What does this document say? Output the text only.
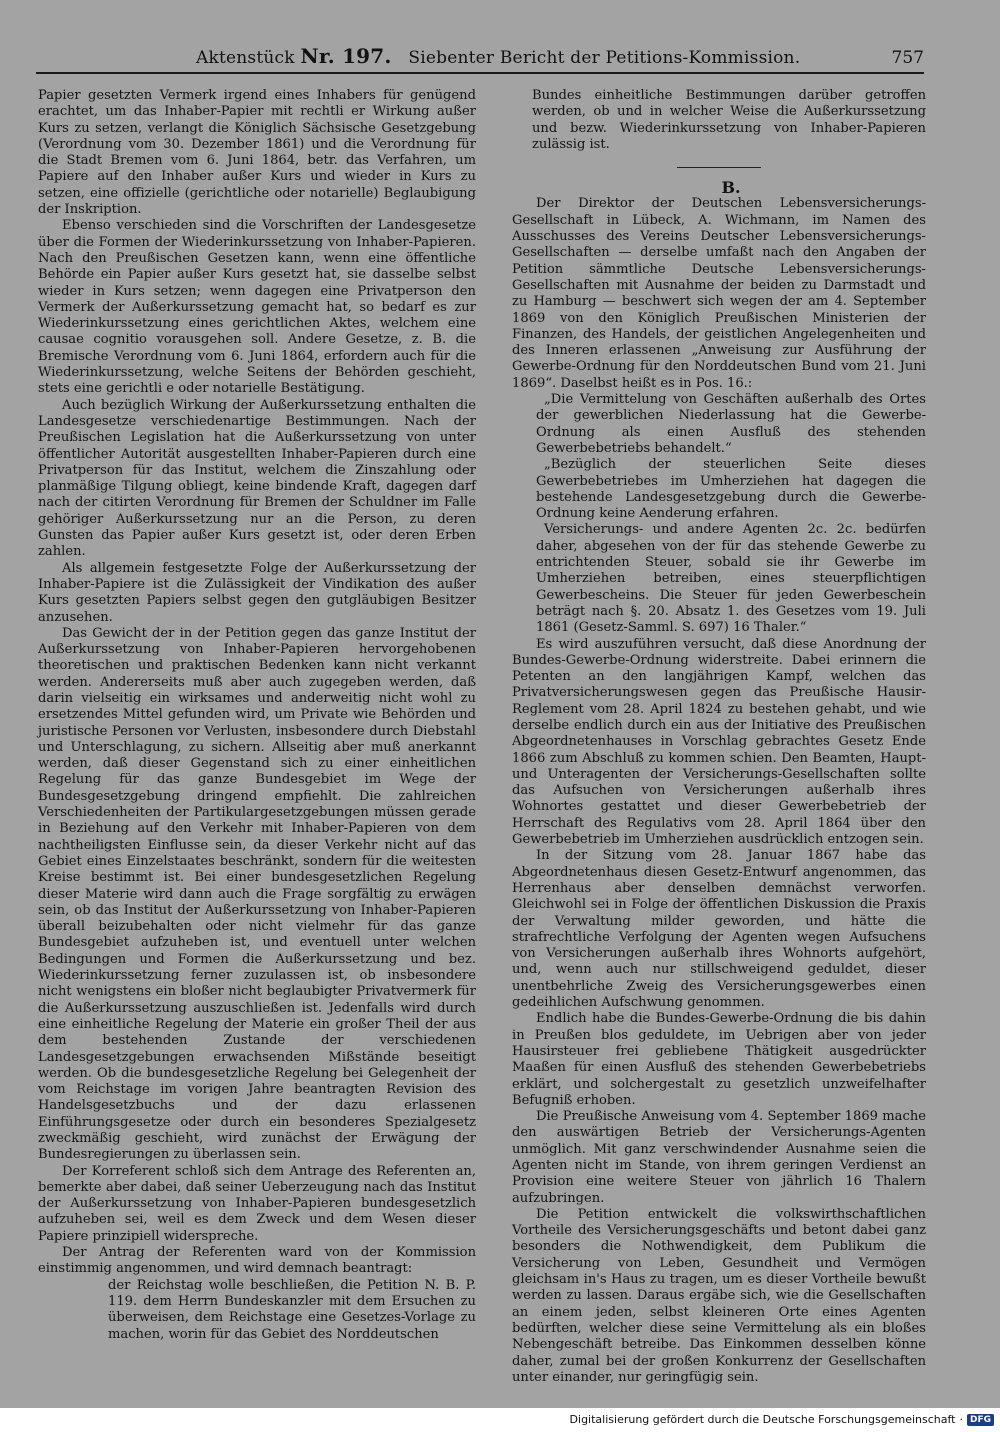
Aktenstück Nr. 197. Siebenter Bericht der Petitions-Kommission.	757

Papier gesetzten Vermerk irgend eines Inhabers für genügend erachtet, um das Inhaber-Papier mit rechtli er Wirkung außer Kurs zu setzen, verlangt die Königlich Sächsische Gesetzgebung (Verordnung vom 30. Dezember 1861) und die Verordnung für die Stadt Bremen vom 6. Juni 1864, betr. das Verfahren, um Papiere auf den Inhaber außer Kurs und wieder in Kurs zu setzen, eine offizielle (gerichtliche oder notarielle) Beglaubigung der Inskription.

Ebenso verschieden sind die Vorschriften der Landesgesetze über die Formen der Wiederinkurssetzung von Inhaber-Papieren. Nach den Preußischen Gesetzen kann, wenn eine öffentliche Behörde ein Papier außer Kurs gesetzt hat, sie dasselbe selbst wieder in Kurs setzen; wenn dagegen eine Privatperson den Vermerk der Außerkurssetzung gemacht hat, so bedarf es zur Wiederinkurssetzung eines gerichtlichen Aktes, welchem eine causae cognitio vorausgehen soll. Andere Gesetze, z. B. die Bremische Verordnung vom 6. Juni 1864, erfordern auch für die Wiederinkurssetzung, welche Seitens der Behörden geschieht, stets eine gerichtli e oder notarielle Bestätigung.

Auch bezüglich Wirkung der Außerkurssetzung enthalten die Landesgesetze verschiedenartige Bestimmungen. Nach der Preußischen Legislation hat die Außerkurssetzung von unter öffentlicher Autorität ausgestellten Inhaber-Papieren durch eine Privatperson für das Institut, welchem die Zinszahlung oder planmäßige Tilgung obliegt, keine bindende Kraft, dagegen darf nach der citirten Verordnung für Bremen der Schuldner im Falle gehöriger Außerkurssetzung nur an die Person, zu deren Gunsten das Papier außer Kurs gesetzt ist, oder deren Erben zahlen.

Als allgemein festgesetzte Folge der Außerkurssetzung der Inhaber-Papiere ist die Zulässigkeit der Vindikation des außer Kurs gesetzten Papiers selbst gegen den gutgläubigen Besitzer anzusehen.

Das Gewicht der in der Petition gegen das ganze Institut der Außerkurssetzung von Inhaber-Papieren hervorgehobenen theoretischen und praktischen Bedenken kann nicht verkannt werden. Andererseits muß aber auch zugegeben werden, daß darin vielseitig ein wirksames und anderweitig nicht wohl zu ersetzendes Mittel gefunden wird, um Private wie Behörden und juristische Personen vor Verlusten, insbesondere durch Diebstahl und Unterschlagung, zu sichern. Allseitig aber muß anerkannt werden, daß dieser Gegenstand sich zu einer einheitlichen Regelung für das ganze Bundesgebiet im Wege der Bundesgesetzgebung dringend empfiehlt. Die zahlreichen Verschiedenheiten der Partikulargesetzgebungen müssen gerade in Beziehung auf den Verkehr mit Inhaber-Papieren von dem nachtheiligsten Einflusse sein, da dieser Verkehr nicht auf das Gebiet eines Einzelstaates beschränkt, sondern für die weitesten Kreise bestimmt ist. Bei einer bundesgesetzlichen Regelung dieser Materie wird dann auch die Frage sorgfältig zu erwägen sein, ob das Institut der Außerkurssetzung von Inhaber-Papieren überall beizubehalten oder nicht vielmehr für das ganze Bundesgebiet aufzuheben ist, und eventuell unter welchen Bedingungen und Formen die Außerkurssetzung und bez. Wiederinkurssetzung ferner zuzulassen ist, ob insbesondere nicht wenigstens ein bloßer nicht beglaubigter Privatvermerk für die Außerkurssetzung auszuschließen ist. Jedenfalls wird durch eine einheitliche Regelung der Materie ein großer Theil der aus dem bestehenden Zustande der verschiedenen Landesgesetzgebungen erwachsenden Mißstände beseitigt werden. Ob die bundesgesetzliche Regelung bei Gelegenheit der vom Reichstage im vorigen Jahre beantragten Revision des Handelsgesetzbuchs und der dazu erlassenen Einführungsgesetze oder durch ein besonderes Spezialgesetz zweckmäßig geschieht, wird zunächst der Erwägung der Bundesregierungen zu überlassen sein.

Der Korreferent schloß sich dem Antrage des Referenten an, bemerkte aber dabei, daß seiner Ueberzeugung nach das Institut der Außerkurssetzung von Inhaber-Papieren bundesgesetzlich aufzuheben sei, weil es dem Zweck und dem Wesen dieser Papiere prinzipiell widerspreche.

Der Antrag der Referenten ward von der Kommission einstimmig angenommen, und wird demnach beantragt:

der Reichstag wolle beschließen, die Petition N. B. P. 119. dem Herrn Bundeskanzler mit dem Ersuchen zu überweisen, dem Reichstage eine Gesetzes-Vorlage zu machen, worin für das Gebiet des Norddeutschen

Bundes einheitliche Bestimmungen darüber getroffen werden, ob und in welcher Weise die Außerkurssetzung und bezw. Wiederinkurssetzung von Inhaber-Papieren zulässig ist.

B.

Der Direktor der Deutschen Lebensversicherungs-Gesellschaft in Lübeck, A. Wichmann, im Namen des Ausschusses des Vereins Deutscher Lebensversicherungs-Gesellschaften — derselbe umfaßt nach den Angaben der Petition sämmtliche Deutsche Lebensversicherungs-Gesellschaften mit Ausnahme der beiden zu Darmstadt und zu Hamburg — beschwert sich wegen der am 4. September 1869 von den Königlich Preußischen Ministerien der Finanzen, des Handels, der geistlichen Angelegenheiten und des Inneren erlassenen „Anweisung zur Ausführung der Gewerbe-Ordnung für den Norddeutschen Bund vom 21. Juni 1869“. Daselbst heißt es in Pos. 16.:

„Die Vermittelung von Geschäften außerhalb des Ortes der gewerblichen Niederlassung hat die Gewerbe-Ordnung als einen Ausfluß des stehenden Gewerbebetriebs behandelt.“

„Bezüglich der steuerlichen Seite dieses Gewerbebetriebes im Umherziehen hat dagegen die bestehende Landesgesetzgebung durch die Gewerbe-Ordnung keine Aenderung erfahren.

Versicherungs- und andere Agenten 2c. 2c. bedürfen daher, abgesehen von der für das stehende Gewerbe zu entrichtenden Steuer, sobald sie ihr Gewerbe im Umherziehen betreiben, eines steuerpflichtigen Gewerbescheins. Die Steuer für jeden Gewerbeschein beträgt nach §. 20. Absatz 1. des Gesetzes vom 19. Juli 1861 (Gesetz-Samml. S. 697) 16 Thaler.“

Es wird auszuführen versucht, daß diese Anordnung der Bundes-Gewerbe-Ordnung widerstreite. Dabei erinnern die Petenten an den langjährigen Kampf, welchen das Privatversicherungswesen gegen das Preußische Hausir-Reglement vom 28. April 1824 zu bestehen gehabt, und wie derselbe endlich durch ein aus der Initiative des Preußischen Abgeordnetenhauses in Vorschlag gebrachtes Gesetz Ende 1866 zum Abschluß zu kommen schien. Den Beamten, Haupt- und Unteragenten der Versicherungs-Gesellschaften sollte das Aufsuchen von Versicherungen außerhalb ihres Wohnortes gestattet und dieser Gewerbebetrieb der Herrschaft des Regulativs vom 28. April 1864 über den Gewerbebetrieb im Umherziehen ausdrücklich entzogen sein.

In der Sitzung vom 28. Januar 1867 habe das Abgeordnetenhaus diesen Gesetz-Entwurf angenommen, das Herrenhaus aber denselben demnächst verworfen. Gleichwohl sei in Folge der öffentlichen Diskussion die Praxis der Verwaltung milder geworden, und hätte die strafrechtliche Verfolgung der Agenten wegen Aufsuchens von Versicherungen außerhalb ihres Wohnorts aufgehört, und, wenn auch nur stillschweigend geduldet, dieser unentbehrliche Zweig des Versicherungsgewerbes einen gedeihlichen Aufschwung genommen.

Endlich habe die Bundes-Gewerbe-Ordnung die bis dahin in Preußen blos geduldete, im Uebrigen aber von jeder Hausirsteuer frei gebliebene Thätigkeit ausgedrückter Maaßen für einen Ausfluß des stehenden Gewerbebetriebs erklärt, und solchergestalt zu gesetzlich unzweifelhafter Befugniß erhoben.

Die Preußische Anweisung vom 4. September 1869 mache den auswärtigen Betrieb der Versicherungs-Agenten unmöglich. Mit ganz verschwindender Ausnahme seien die Agenten nicht im Stande, von ihrem geringen Verdienst an Provision eine weitere Steuer von jährlich 16 Thalern aufzubringen.

Die Petition entwickelt die volkswirthschaftlichen Vortheile des Versicherungsgeschäfts und betont dabei ganz besonders die Nothwendigkeit, dem Publikum die Versicherung von Leben, Gesundheit und Vermögen gleichsam in's Haus zu tragen, um es dieser Vortheile bewußt werden zu lassen. Daraus ergäbe sich, wie die Gesellschaften an einem jeden, selbst kleineren Orte eines Agenten bedürften, welcher diese seine Vermittelung als ein bloßes Nebengeschäft betreibe. Das Einkommen desselben könne daher, zumal bei der großen Konkurrenz der Gesellschaften unter einander, nur geringfügig sein.

Digitalisierung gefördert durch die Deutsche Forschungsgemeinschaft · DFG
